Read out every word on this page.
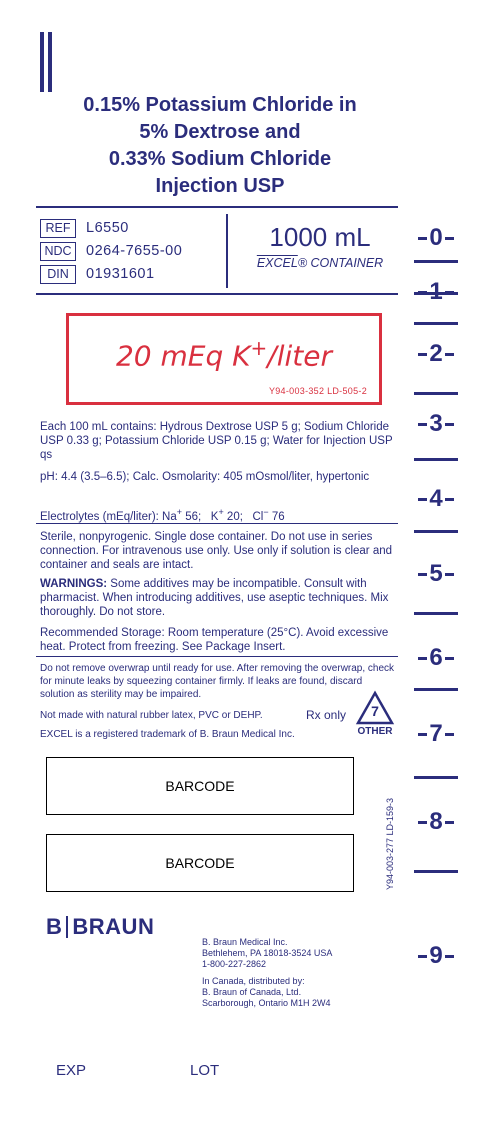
0.15% Potassium Chloride in
5% Dextrose and
0.33% Sodium Chloride
Injection USP
REF	L6550
NDC 0264-7655-00
DIN	01931601
1000 mL
EXCEL® CONTAINER
20 mEq K+/liter
Y94-003-352 LD-505-2
Each 100 mL contains: Hydrous Dextrose USP 5 g; Sodium Chloride USP 0.33 g; Potassium Chloride USP 0.15 g; Water for Injection USP qs
pH: 4.4 (3.5–6.5); Calc. Osmolarity: 405 mOsmol/liter, hypertonic
Electrolytes (mEq/liter): Na+ 56;   K+ 20;   Cl− 76
Sterile, nonpyrogenic. Single dose container. Do not use in series connection. For intravenous use only. Use only if solution is clear and container and seals are intact.
WARNINGS: Some additives may be incompatible. Consult with pharmacist. When introducing additives, use aseptic techniques. Mix thoroughly. Do not store.
Recommended Storage: Room temperature (25°C). Avoid excessive heat. Protect from freezing. See Package Insert.
Do not remove overwrap until ready for use. After removing the overwrap, check for minute leaks by squeezing container firmly. If leaks are found, discard solution as sterility may be impaired.
Not made with natural rubber latex, PVC or DEHP.	Rx only
EXCEL is a registered trademark of B. Braun Medical Inc.
7
OTHER
BARCODE
BARCODE	Y94-003-277 LD-159-3
0
2
3
4
5
6
7
8
9
B BRAUN
B. Braun Medical Inc.
Bethlehem, PA 18018-3524 USA
1-800-227-2862
In Canada, distributed by:
B. Braun of Canada, Ltd.
Scarborough, Ontario M1H 2W4
EXP	LOT
